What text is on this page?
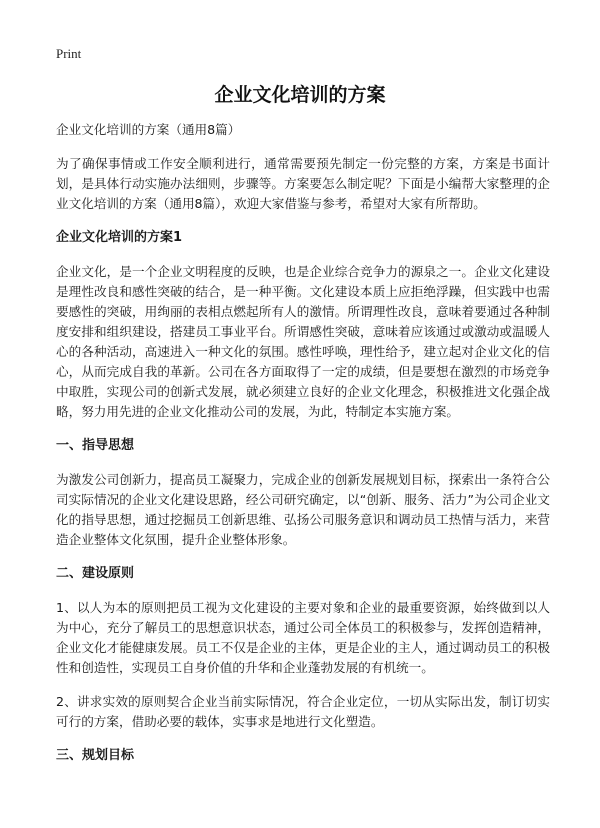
Print
企业文化培训的方案

企业文化培训的方案（通用8篇）

为了确保事情或工作安全顺利进行，通常需要预先制定一份完整的方案，方案是书面计划，是具体行动实施办法细则，步骤等。方案要怎么制定呢？下面是小编帮大家整理的企业文化培训的方案（通用8篇），欢迎大家借鉴与参考，希望对大家有所帮助。

企业文化培训的方案1

企业文化，是一个企业文明程度的反映，也是企业综合竞争力的源泉之一。企业文化建设是理性改良和感性突破的结合，是一种平衡。文化建设本质上应拒绝浮躁，但实践中也需要感性的突破，用绚丽的表相点燃起所有人的激情。所谓理性改良，意味着要通过各种制度安排和组织建设，搭建员工事业平台。所谓感性突破，意味着应该通过或激动或温暖人心的各种活动，高速进入一种文化的氛围。感性呼唤，理性给予，建立起对企业文化的信心，从而完成自我的革新。公司在各方面取得了一定的成绩，但是要想在激烈的市场竞争中取胜，实现公司的创新式发展，就必须建立良好的企业文化理念，积极推进文化强企战略，努力用先进的企业文化推动公司的发展，为此，特制定本实施方案。

一、指导思想

为激发公司创新力，提高员工凝聚力，完成企业的创新发展规划目标，探索出一条符合公司实际情况的企业文化建设思路，经公司研究确定，以“创新、服务、活力”为公司企业文化的指导思想，通过挖掘员工创新思维、弘扬公司服务意识和调动员工热情与活力，来营造企业整体文化氛围，提升企业整体形象。

二、建设原则

1、以人为本的原则把员工视为文化建设的主要对象和企业的最重要资源，始终做到以人为中心，充分了解员工的思想意识状态，通过公司全体员工的积极参与，发挥创造精神，企业文化才能健康发展。员工不仅是企业的主体，更是企业的主人，通过调动员工的积极性和创造性，实现员工自身价值的升华和企业蓬勃发展的有机统一。

2、讲求实效的原则契合企业当前实际情况，符合企业定位，一切从实际出发，制订切实可行的方案，借助必要的载体，实事求是地进行文化塑造。

三、规划目标
